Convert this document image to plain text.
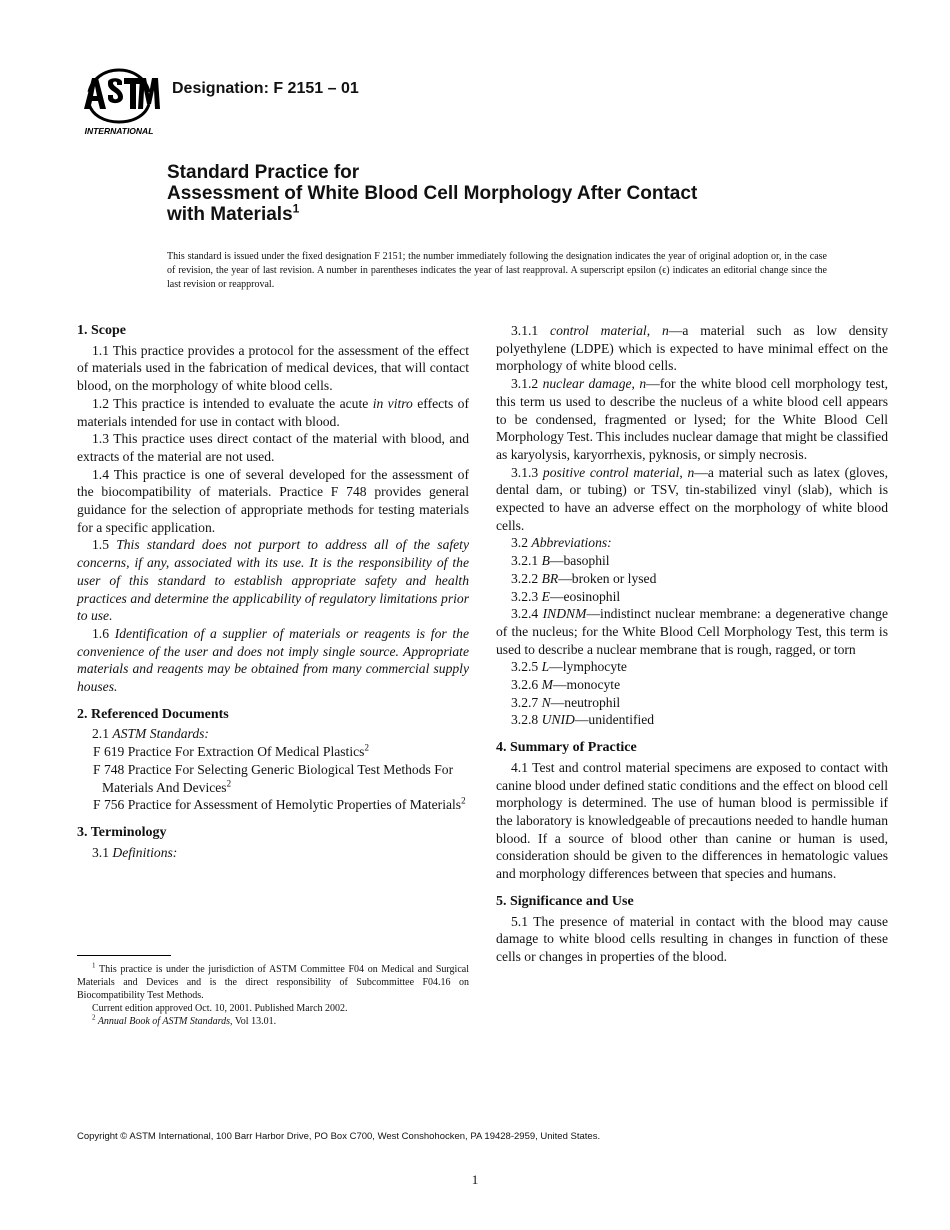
INTERNATIONAL
Designation: F 2151 – 01
Standard Practice for
Assessment of White Blood Cell Morphology After Contact
with Materials$^1$
This standard is issued under the fixed designation F 2151; the number immediately following the designation indicates the year of original adoption or, in the case of revision, the year of last revision. A number in parentheses indicates the year of last reapproval. A superscript epsilon (ϵ) indicates an editorial change since the last revision or reapproval.
1. Scope

1.1 This practice provides a protocol for the assessment of the effect of materials used in the fabrication of medical devices, that will contact blood, on the morphology of white blood cells.

1.2 This practice is intended to evaluate the acute in vitro effects of materials intended for use in contact with blood.

1.3 This practice uses direct contact of the material with blood, and extracts of the material are not used.

1.4 This practice is one of several developed for the assessment of the biocompatibility of materials. Practice F 748 provides general guidance for the selection of appropriate methods for testing materials for a specific application.

1.5 This standard does not purport to address all of the safety concerns, if any, associated with its use. It is the responsibility of the user of this standard to establish appropriate safety and health practices and determine the applicability of regulatory limitations prior to use.

1.6 Identification of a supplier of materials or reagents is for the convenience of the user and does not imply single source. Appropriate materials and reagents may be obtained from many commercial supply houses.

2. Referenced Documents

2.1 ASTM Standards:

F 619 Practice For Extraction Of Medical Plastics$^2$

F 748 Practice For Selecting Generic Biological Test Methods For Materials And Devices$^2$

F 756 Practice for Assessment of Hemolytic Properties of Materials$^2$

3. Terminology

3.1 Definitions:

3.1.1 control material, n—a material such as low density polyethylene (LDPE) which is expected to have minimal effect on the morphology of white blood cells.

3.1.2 nuclear damage, n—for the white blood cell morphology test, this term us used to describe the nucleus of a white blood cell appears to be condensed, fragmented or lysed; for the White Blood Cell Morphology Test. This includes nuclear damage that might be classified as karyolysis, karyorrhexis, pyknosis, or simply necrosis.

3.1.3 positive control material, n—a material such as latex (gloves, dental dam, or tubing) or TSV, tin-stabilized vinyl (slab), which is expected to have an adverse effect on the morphology of white blood cells.

3.2 Abbreviations:

3.2.1 B—basophil

3.2.2 BR—broken or lysed

3.2.3 E—eosinophil

3.2.4 INDNM—indistinct nuclear membrane: a degenerative change of the nucleus; for the White Blood Cell Morphology Test, this term is used to describe a nuclear membrane that is rough, ragged, or torn

3.2.5 L—lymphocyte

3.2.6 M—monocyte

3.2.7 N—neutrophil

3.2.8 UNID—unidentified

4. Summary of Practice

4.1 Test and control material specimens are exposed to contact with canine blood under defined static conditions and the effect on blood cell morphology is determined. The use of human blood is permissible if the laboratory is knowledgeable of precautions needed to handle human blood. If a source of blood other than canine or human is used, consideration should be given to the differences in hematologic values and morphology differences between that species and humans.

5. Significance and Use

5.1 The presence of material in contact with the blood may cause damage to white blood cells resulting in changes in function of these cells or changes in properties of the blood.

$^1$ This practice is under the jurisdiction of ASTM Committee F04 on Medical and Surgical Materials and Devices and is the direct responsibility of Subcommittee F04.16 on Biocompatibility Test Methods.

Current edition approved Oct. 10, 2001. Published March 2002.

$^2$ Annual Book of ASTM Standards, Vol 13.01.

Copyright © ASTM International, 100 Barr Harbor Drive, PO Box C700, West Conshohocken, PA 19428-2959, United States.
1
